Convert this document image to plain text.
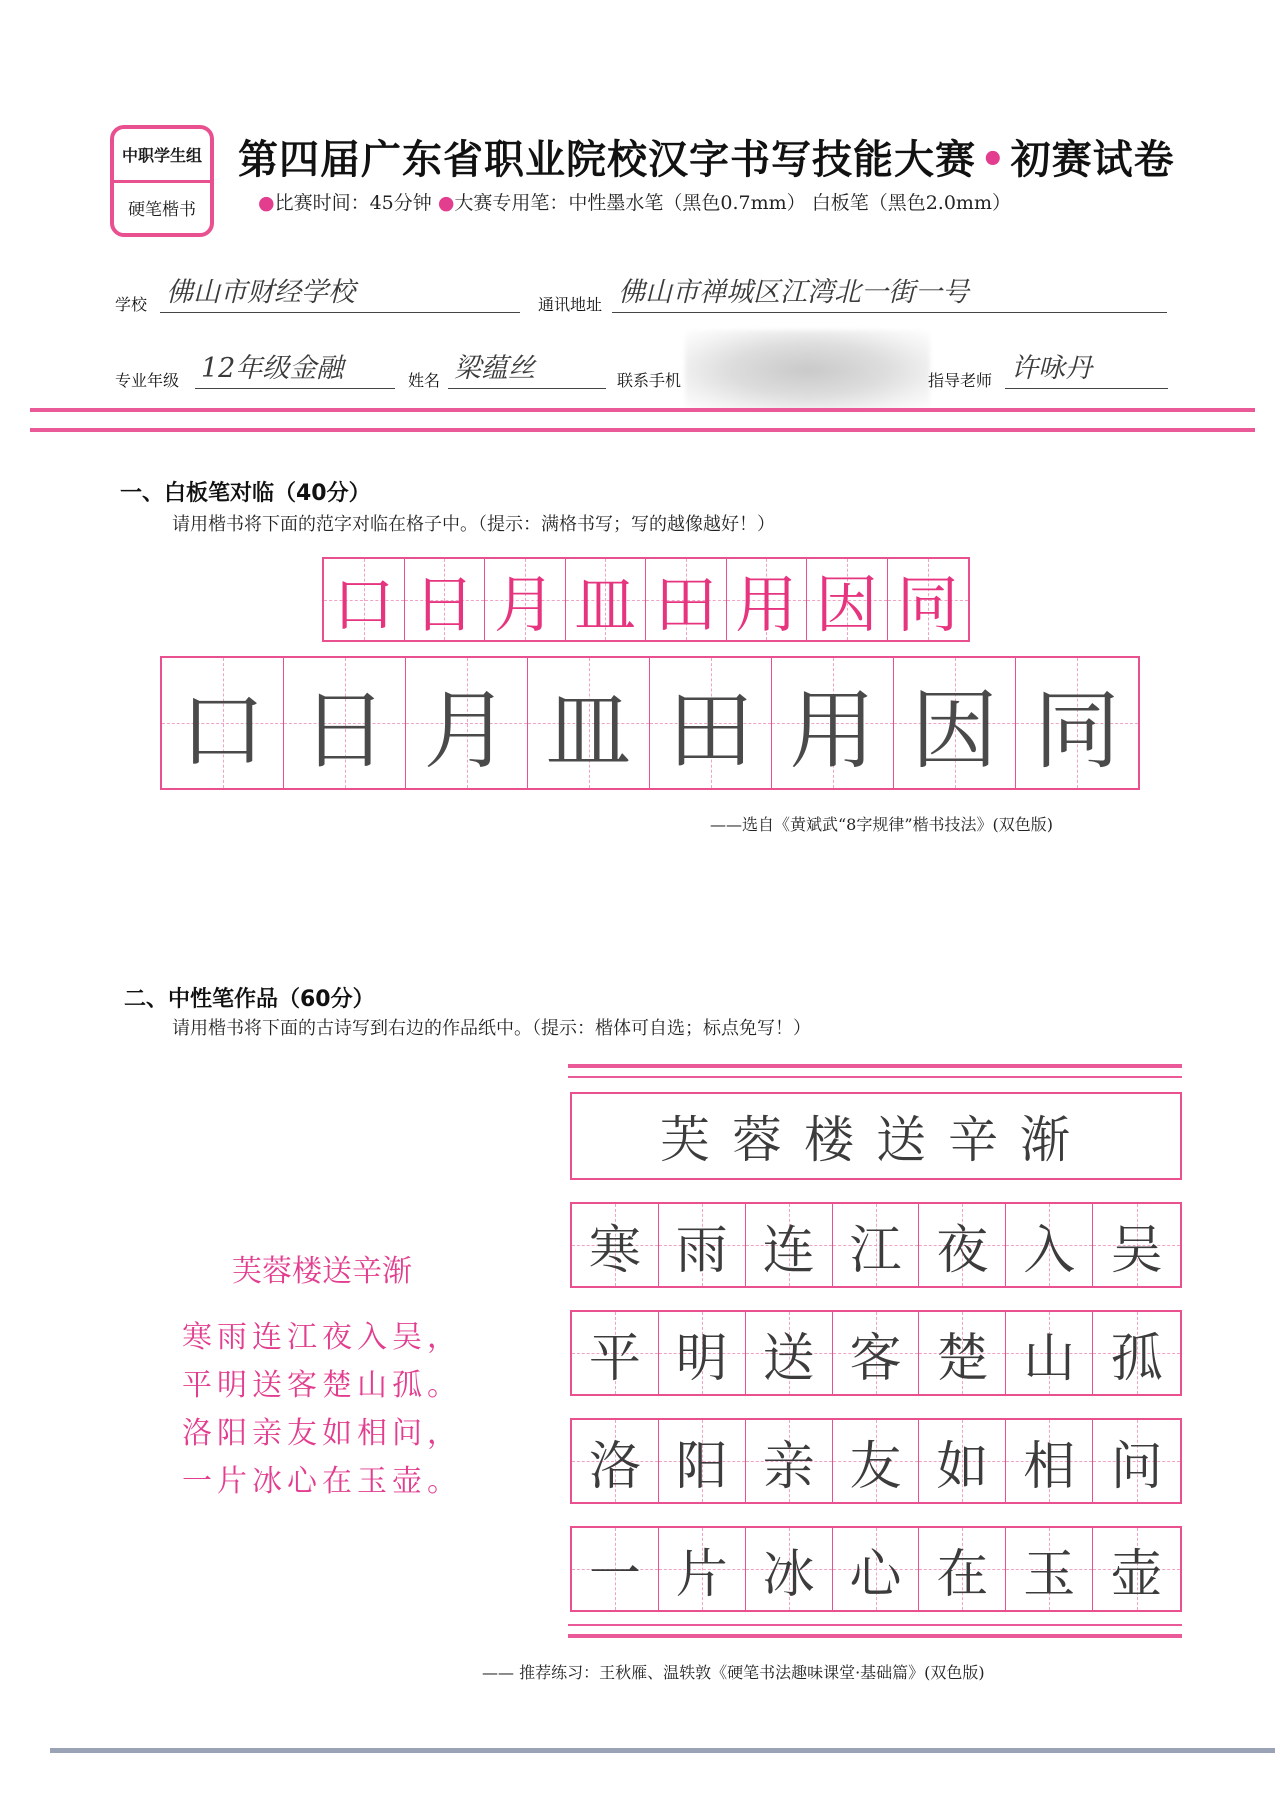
中职学生组
硬笔楷书
第四届广东省职业院校汉字书写技能大赛 • 初赛试卷
●比赛时间：45分钟 ●大赛专用笔：中性墨水笔（黑色0.7mm） 白板笔（黑色2.0mm）
学校 佛山市财经学校	通讯地址 佛山市禅城区江湾北一街一号
专业年级 12年级金融	姓名 梁蕴丝	联系手机	指导老师 许咏丹
一、白板笔对临（40分）
请用楷书将下面的范字对临在格子中。（提示：满格书写；写的越像越好！）
口 日 月 皿 田 用 因 同
口 日 月 皿 田 用 因 同
——选自《黄斌武“8字规律”楷书技法》(双色版)
二、中性笔作品（60分）
请用楷书将下面的古诗写到右边的作品纸中。（提示：楷体可自选；标点免写！）
芙蓉楼送辛渐
寒雨连江夜入吴，
平明送客楚山孤。
洛阳亲友如相问，
一片冰心在玉壶。
芙蓉楼送辛渐
寒 雨 连 江 夜 入 吴
平 明 送 客 楚 山 孤
洛 阳 亲 友 如 相 问
一 片 冰 心 在 玉 壶
—— 推荐练习：王秋雁、温轶敦《硬笔书法趣味课堂·基础篇》(双色版)
